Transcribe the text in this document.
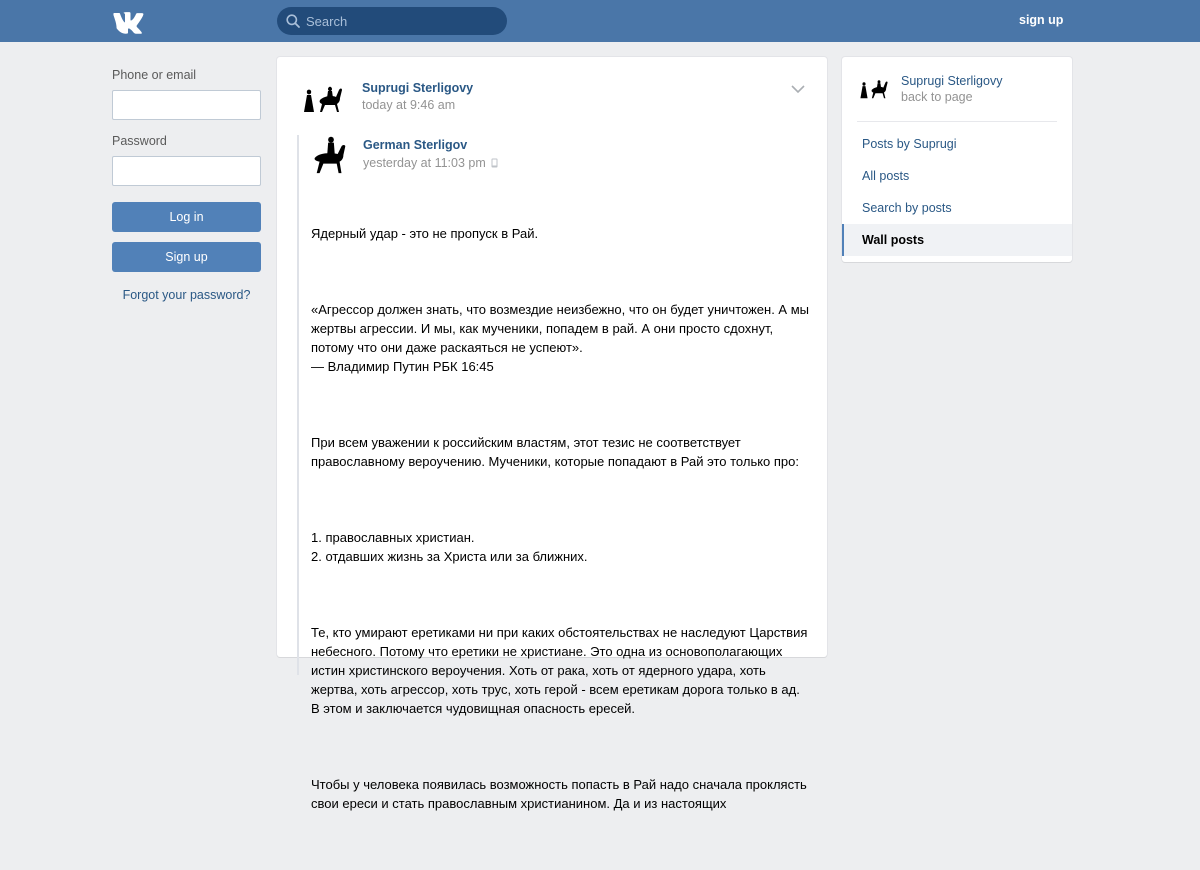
Search
sign up
Phone or email
Password
Log in
Sign up
Forgot your password?
Suprugi Sterligovy
today at 9:46 am
German Sterligov
yesterday at 11:03 pm

Ядерный удар - это не пропуск в Рай.

«Агрессор должен знать, что возмездие неизбежно, что он будет уничтожен. А мы жертвы агрессии. И мы, как мученики, попадем в рай. А они просто сдохнут, потому что они даже раскаяться не успеют».
— Владимир Путин РБК 16:45

При всем уважении к российским властям, этот тезис не соответствует православному вероучению. Мученики, которые попадают в Рай это только про:

1. православных христиан.
2. отдавших жизнь за Христа или за ближних.

Те, кто умирают еретиками ни при каких обстоятельствах не наследуют Царствия небесного. Потому что еретики не христиане. Это одна из основополагающих истин христинского вероучения. Хоть от рака, хоть от ядерного удара, хоть жертва, хоть агрессор, хоть трус, хоть герой - всем еретикам дорога только в ад. В этом и заключается чудовищная опасность ересей.

Чтобы у человека появилась возможность попасть в Рай надо сначала проклясть свои ереси и стать православным христианином. Да и из настоящих

Suprugi Sterligovy
back to page
Posts by Suprugi
All posts
Search by posts
Wall posts
